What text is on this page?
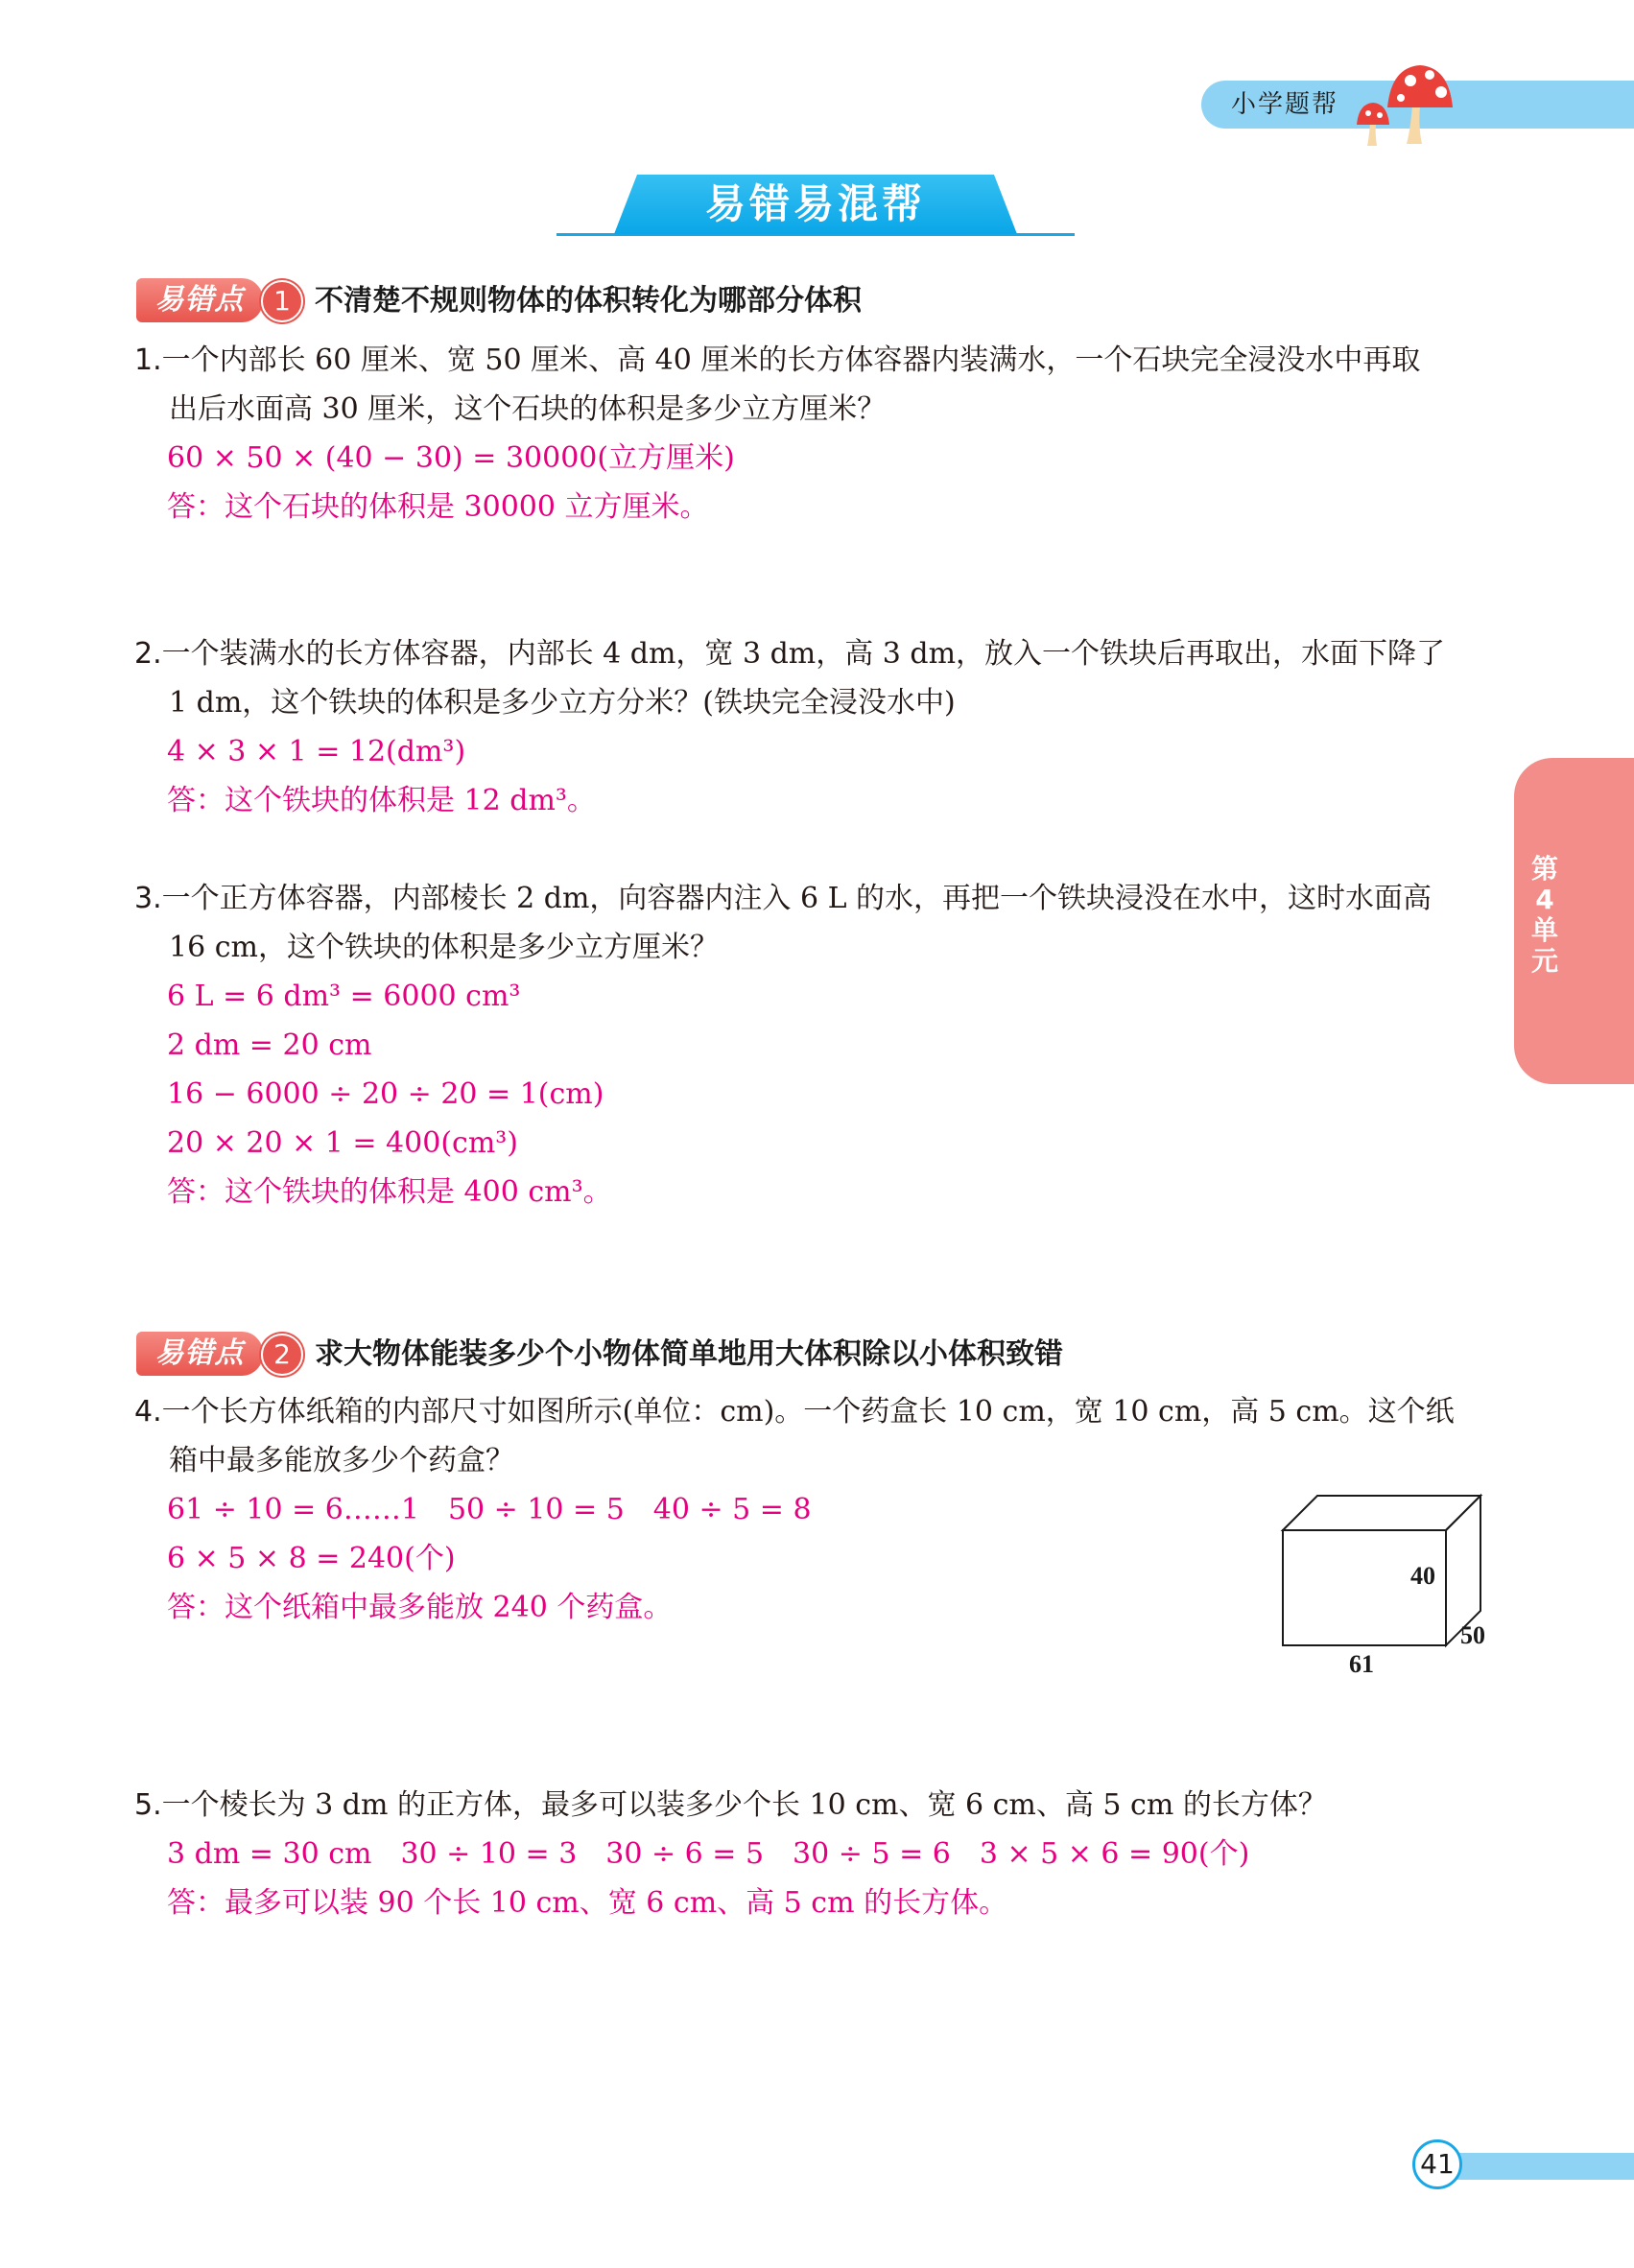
小学题帮
易错易混帮
易错点	1 不清楚不规则物体的体积转化为哪部分体积
1.一个内部长 60 厘米、宽 50 厘米、高 40 厘米的长方体容器内装满水，一个石块完全浸没水中再取
出后水面高 30 厘米，这个石块的体积是多少立方厘米？
60 × 50 × (40 − 30) = 30000(立方厘米)
答：这个石块的体积是 30000 立方厘米。
2.一个装满水的长方体容器，内部长 4 dm，宽 3 dm，高 3 dm，放入一个铁块后再取出，水面下降了
1 dm，这个铁块的体积是多少立方分米？(铁块完全浸没水中)
4 × 3 × 1 = 12(dm³)
答：这个铁块的体积是 12 dm³。
3.一个正方体容器，内部棱长 2 dm，向容器内注入 6 L 的水，再把一个铁块浸没在水中，这时水面高
16 cm，这个铁块的体积是多少立方厘米？
6 L = 6 dm³ = 6000 cm³
2 dm = 20 cm
16 − 6000 ÷ 20 ÷ 20 = 1(cm)
20 × 20 × 1 = 400(cm³)
答：这个铁块的体积是 400 cm³。
第4单元
易错点	2 求大物体能装多少个小物体简单地用大体积除以小体积致错
4.一个长方体纸箱的内部尺寸如图所示(单位：cm)。一个药盒长 10 cm，宽 10 cm，高 5 cm。这个纸
箱中最多能放多少个药盒？
61 ÷ 10 = 6……1　50 ÷ 10 = 5　40 ÷ 5 = 8
6 × 5 × 8 = 240(个)
答：这个纸箱中最多能放 240 个药盒。
40
50
61
5.一个棱长为 3 dm 的正方体，最多可以装多少个长 10 cm、宽 6 cm、高 5 cm 的长方体？
3 dm = 30 cm　30 ÷ 10 = 3　30 ÷ 6 = 5　30 ÷ 5 = 6　3 × 5 × 6 = 90(个)
答：最多可以装 90 个长 10 cm、宽 6 cm、高 5 cm 的长方体。
41
